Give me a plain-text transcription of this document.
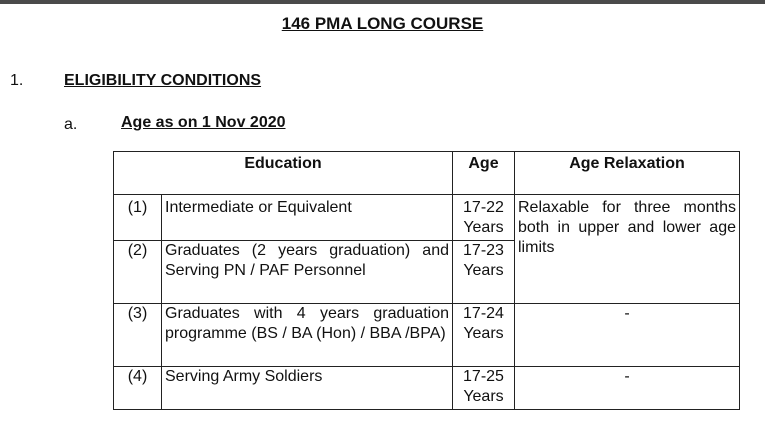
146 PMA LONG COURSE
1.	ELIGIBILITY CONDITIONS
a.	Age as on 1 Nov 2020
Education		Age	Age Relaxation
(1)	Intermediate or Equivalent	17-22 Years	Relaxable for three months both in upper and lower age limits
(2)	Graduates (2 years graduation) and Serving PN / PAF Personnel	17-23 Years	
(3)	Graduates with 4 years graduation programme (BS / BA (Hon) / BBA /BPA)	17-24 Years	-
(4)	Serving Army Soldiers	17-25 Years	-
